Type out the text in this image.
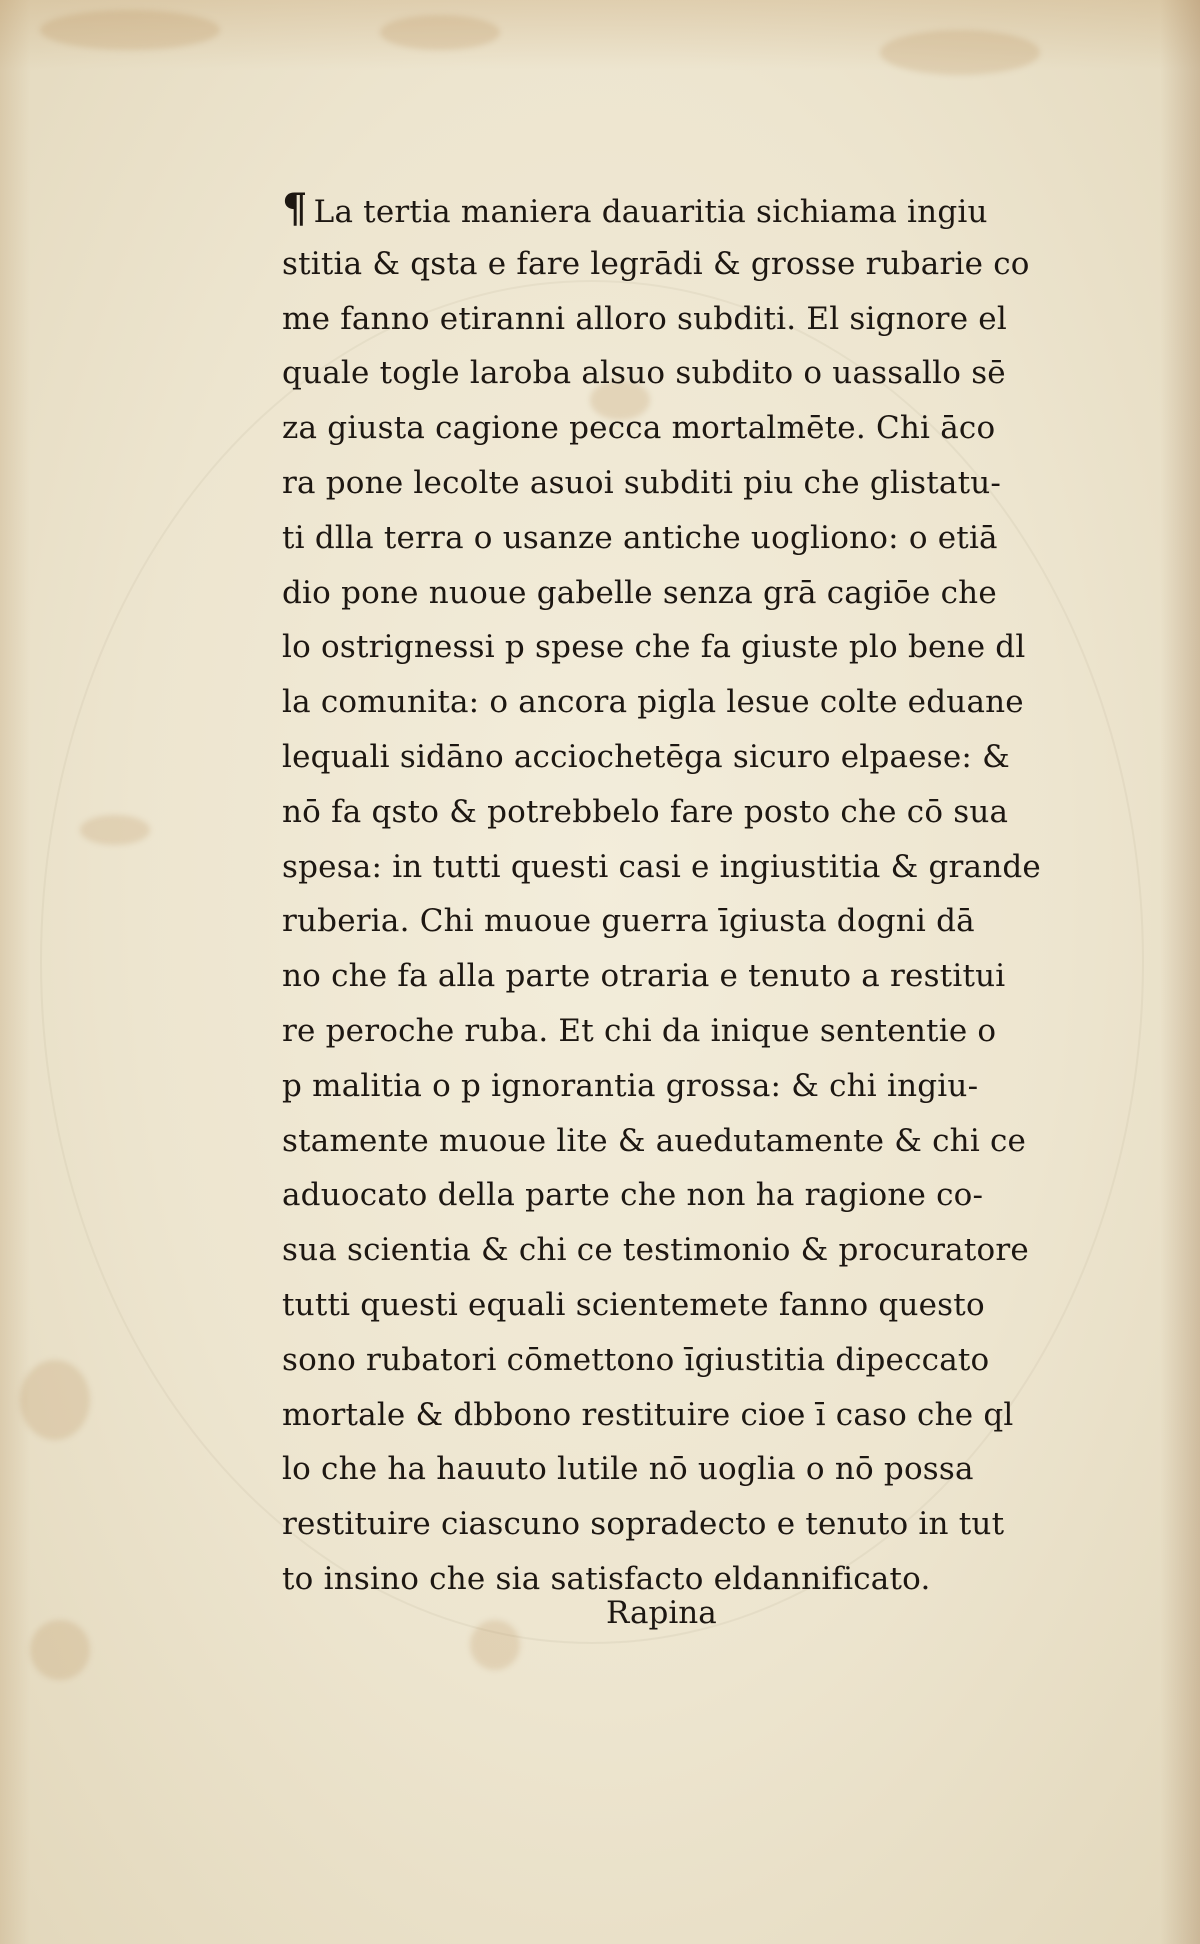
¶ La tertia maniera dauaritia sichiama ingiu
stitia & qsta e fare legrādi & grosse rubarie co
me fanno etiranni alloro subditi. El signore el
quale togle laroba alsuo subdito o uassallo sē
za giusta cagione pecca mortalmēte. Chi āco
ra pone lecolte asuoi subditi piu che glistatu-
ti dlla terra o usanze antiche uogliono: o etiā
dio pone nuoue gabelle senza grā cagiōe che
lo ostrignessi p spese che fa giuste plo bene dl
la comunita: o ancora pigla lesue colte eduane
lequali sidāno acciochetēga sicuro elpaese: &
nō fa qsto & potrebbelo fare posto che cō sua
spesa: in tutti questi casi e ingiustitia & grande
ruberia. Chi muoue guerra īgiusta dogni dā
no che fa alla parte otraria e tenuto a restitui
re peroche ruba. Et chi da inique sententie o
p malitia o p ignorantia grossa: & chi ingiu-
stamente muoue lite & auedutamente & chi ce
aduocato della parte che non ha ragione co-
sua scientia & chi ce testimonio & procuratore
tutti questi equali scientemete fanno questo
sono rubatori cōmettono īgiustitia dipeccato
mortale & dbbono restituire cioe ī caso che ql
lo che ha hauuto lutile nō uoglia o nō possa
restituire ciascuno sopradecto e tenuto in tut
to insino che sia satisfacto eldannificato.
Rapina
